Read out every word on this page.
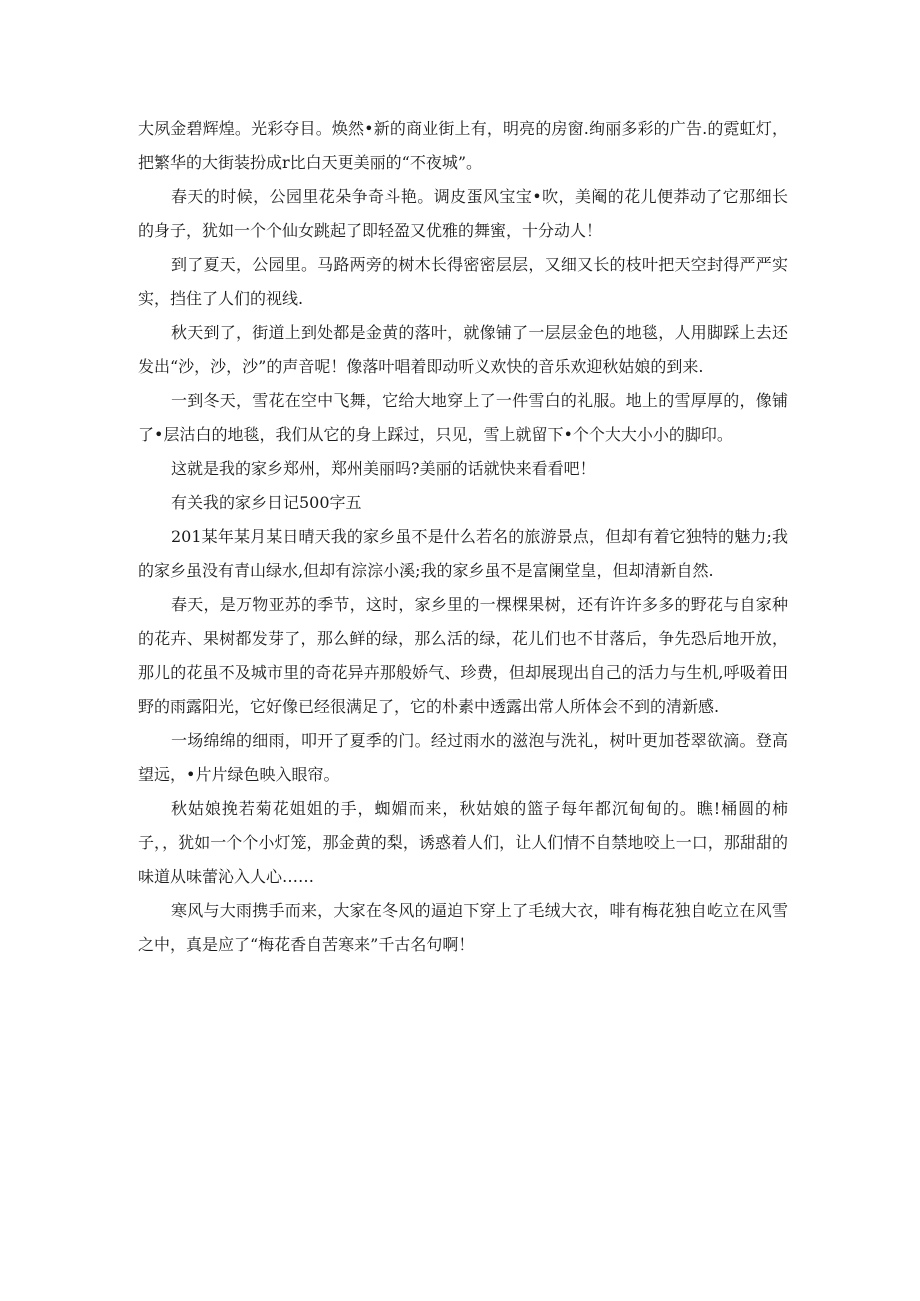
大夙金碧辉煌。光彩夺目。焕然•新的商业街上有，明亮的房窗.绚丽多彩的广告.的霓虹灯，把繁华的大街装扮成r比白天更美丽的“不夜城”。

春天的时候，公园里花朵争奇斗艳。调皮蛋风宝宝•吹，美阉的花儿便莽动了它那细长的身子，犹如一个个仙女跳起了即轻盈又优雅的舞蜜，十分动人！

到了夏天，公园里。马路两旁的树木长得密密层层，又细又长的枝叶把天空封得严严实实，挡住了人们的视线.

秋天到了，街道上到处都是金黄的落叶，就像铺了一层层金色的地毯，人用脚踩上去还发出“沙，沙，沙”的声音呢！像落叶唱着即动听义欢快的音乐欢迎秋姑娘的到来.

一到冬天，雪花在空中飞舞，它给大地穿上了一件雪白的礼服。地上的雪厚厚的，像铺了•层沽白的地毯，我们从它的身上踩过，只见，雪上就留下•个个大大小小的脚印。

这就是我的家乡郑州，郑州美丽吗?美丽的话就快来看看吧！

有关我的家乡日记500字五

201某年某月某日晴天我的家乡虽不是什么若名的旅游景点，但却有着它独特的魅力;我的家乡虽没有青山绿水,但却有淙淙小溪;我的家乡虽不是富阑堂皇，但却清新自然.

春天，是万物亚苏的季节，这时，家乡里的一棵棵果树，还有许许多多的野花与自家种的花卉、果树都发芽了，那么鲜的绿，那么活的绿，花儿们也不甘落后，争先恐后地开放，那儿的花虽不及城市里的奇花异卉那般娇气、珍费，但却展现出自己的活力与生机,呼吸着田野的雨露阳光，它好像已经很满足了，它的朴素中透露出常人所体会不到的清新感.

一场绵绵的细雨，叩开了夏季的门。经过雨水的滋泡与洗礼，树叶更加苍翠欲滴。登高望远，•片片绿色映入眼帘。

秋姑娘挽若菊花姐姐的手，蜘媚而来，秋姑娘的篮子每年都沉甸甸的。瞧!桶圆的柿子，，犹如一个个小灯笼，那金黄的梨，诱惑着人们，让人们情不自禁地咬上一口，那甜甜的味道从味蕾沁入人心……

寒风与大雨携手而来，大家在冬风的逼迫下穿上了毛绒大衣，啡有梅花独自屹立在风雪之中，真是应了“梅花香自苦寒来”千古名句啊！
